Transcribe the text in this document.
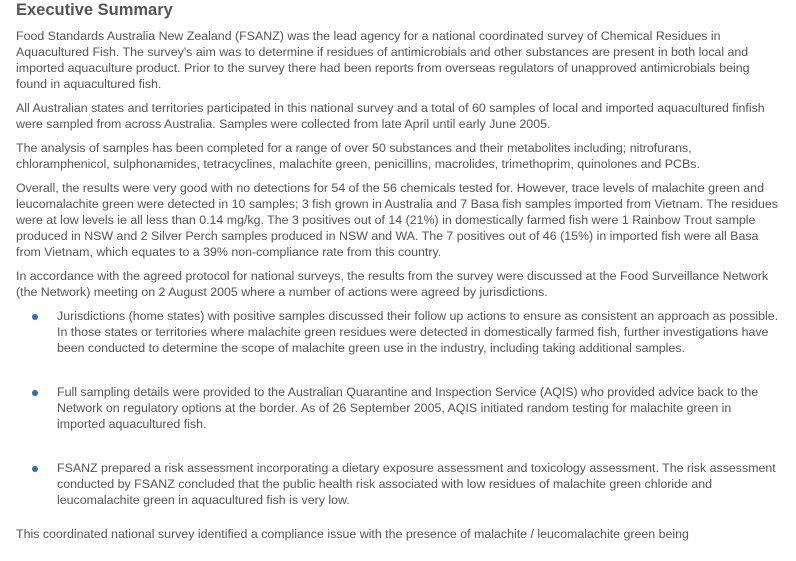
Executive Summary

Food Standards Australia New Zealand (FSANZ) was the lead agency for a national coordinated survey of Chemical Residues in Aquacultured Fish. The survey's aim was to determine if residues of antimicrobials and other substances are present in both local and imported aquaculture product. Prior to the survey there had been reports from overseas regulators of unapproved antimicrobials being found in aquacultured fish.

All Australian states and territories participated in this national survey and a total of 60 samples of local and imported aquacultured finfish were sampled from across Australia. Samples were collected from late April until early June 2005.

The analysis of samples has been completed for a range of over 50 substances and their metabolites including; nitrofurans, chloramphenicol, sulphonamides, tetracyclines, malachite green, penicillins, macrolides, trimethoprim, quinolones and PCBs.

Overall, the results were very good with no detections for 54 of the 56 chemicals tested for. However, trace levels of malachite green and leucomalachite green were detected in 10 samples; 3 fish grown in Australia and 7 Basa fish samples imported from Vietnam. The residues were at low levels ie all less than 0.14 mg/kg. The 3 positives out of 14 (21%) in domestically farmed fish were 1 Rainbow Trout sample produced in NSW and 2 Silver Perch samples produced in NSW and WA. The 7 positives out of 46 (15%) in imported fish were all Basa from Vietnam, which equates to a 39% non-compliance rate from this country.

In accordance with the agreed protocol for national surveys, the results from the survey were discussed at the Food Surveillance Network (the Network) meeting on 2 August 2005 where a number of actions were agreed by jurisdictions.

Jurisdictions (home states) with positive samples discussed their follow up actions to ensure as consistent an approach as possible. In those states or territories where malachite green residues were detected in domestically farmed fish, further investigations have been conducted to determine the scope of malachite green use in the industry, including taking additional samples.
Full sampling details were provided to the Australian Quarantine and Inspection Service (AQIS) who provided advice back to the Network on regulatory options at the border. As of 26 September 2005, AQIS initiated random testing for malachite green in imported aquacultured fish.
FSANZ prepared a risk assessment incorporating a dietary exposure assessment and toxicology assessment. The risk assessment conducted by FSANZ concluded that the public health risk associated with low residues of malachite green chloride and leucomalachite green in aquacultured fish is very low.

This coordinated national survey identified a compliance issue with the presence of malachite / leucomalachite green being
